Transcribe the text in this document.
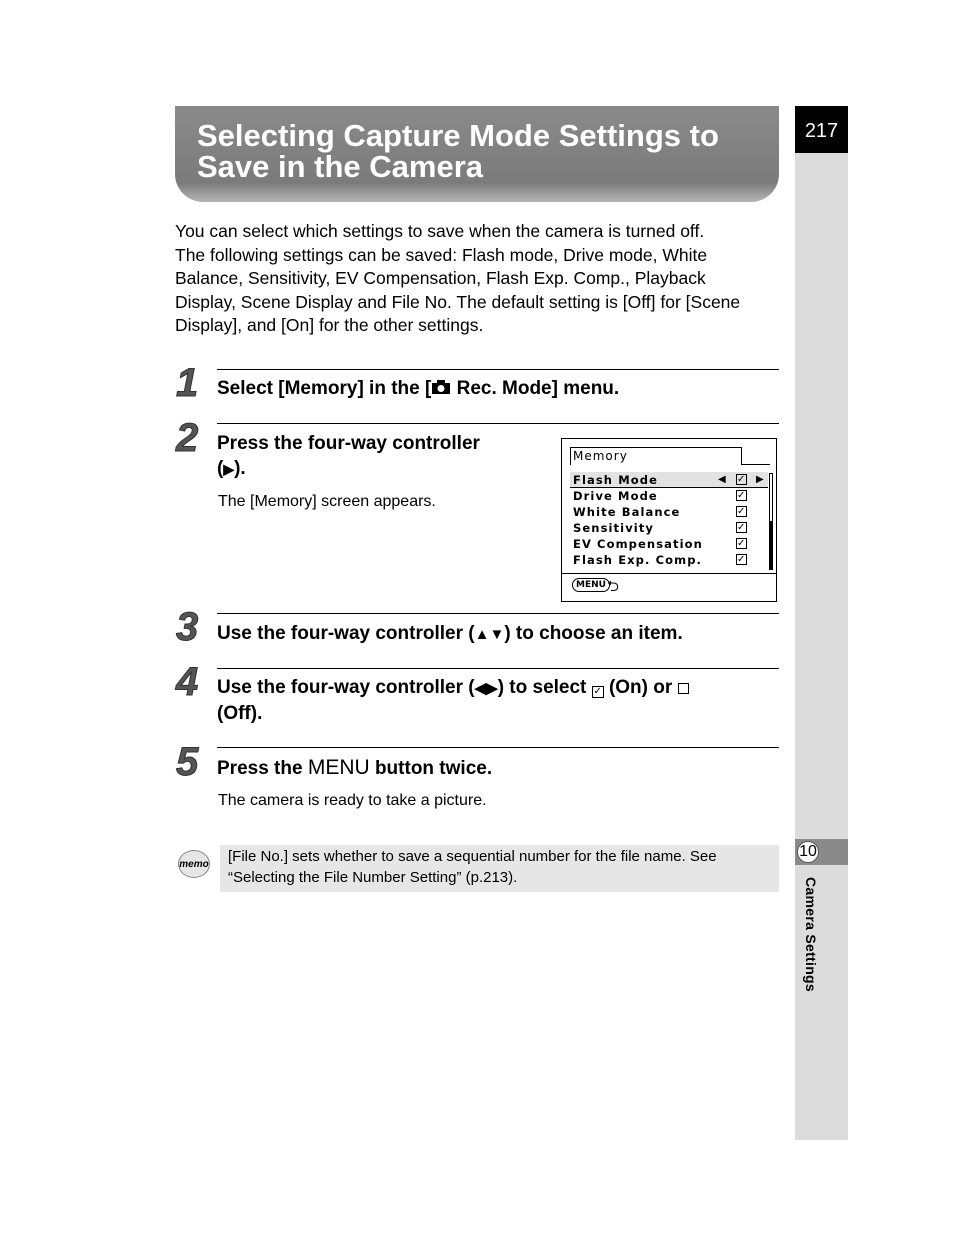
217
10
Camera Settings
Selecting Capture Mode Settings to
Save in the Camera

You can select which settings to save when the camera is turned off.
The following settings can be saved: Flash mode, Drive mode, White
Balance, Sensitivity, EV Compensation, Flash Exp. Comp., Playback
Display, Scene Display and File No. The default setting is [Off] for [Scene
Display], and [On] for the other settings.

1 Select [Memory] in the [ Rec. Mode] menu.

2 Press the four-way controller
(▶).

The [Memory] screen appears.

Memory
Flash Mode	◀ ✓ ▶
Drive Mode	✓
White Balance	✓
Sensitivity	✓
EV Compensation	✓
Flash Exp. Comp.	✓
MENU ⮌
3 Use the four-way controller (▲▼) to choose an item.

4 Use the four-way controller (◀▶) to select ✓ (On) or
(Off).

5 Press the MENU button twice.

The camera is ready to take a picture.

memo [File No.] sets whether to save a sequential number for the file name. See
“Selecting the File Number Setting” (p.213).
